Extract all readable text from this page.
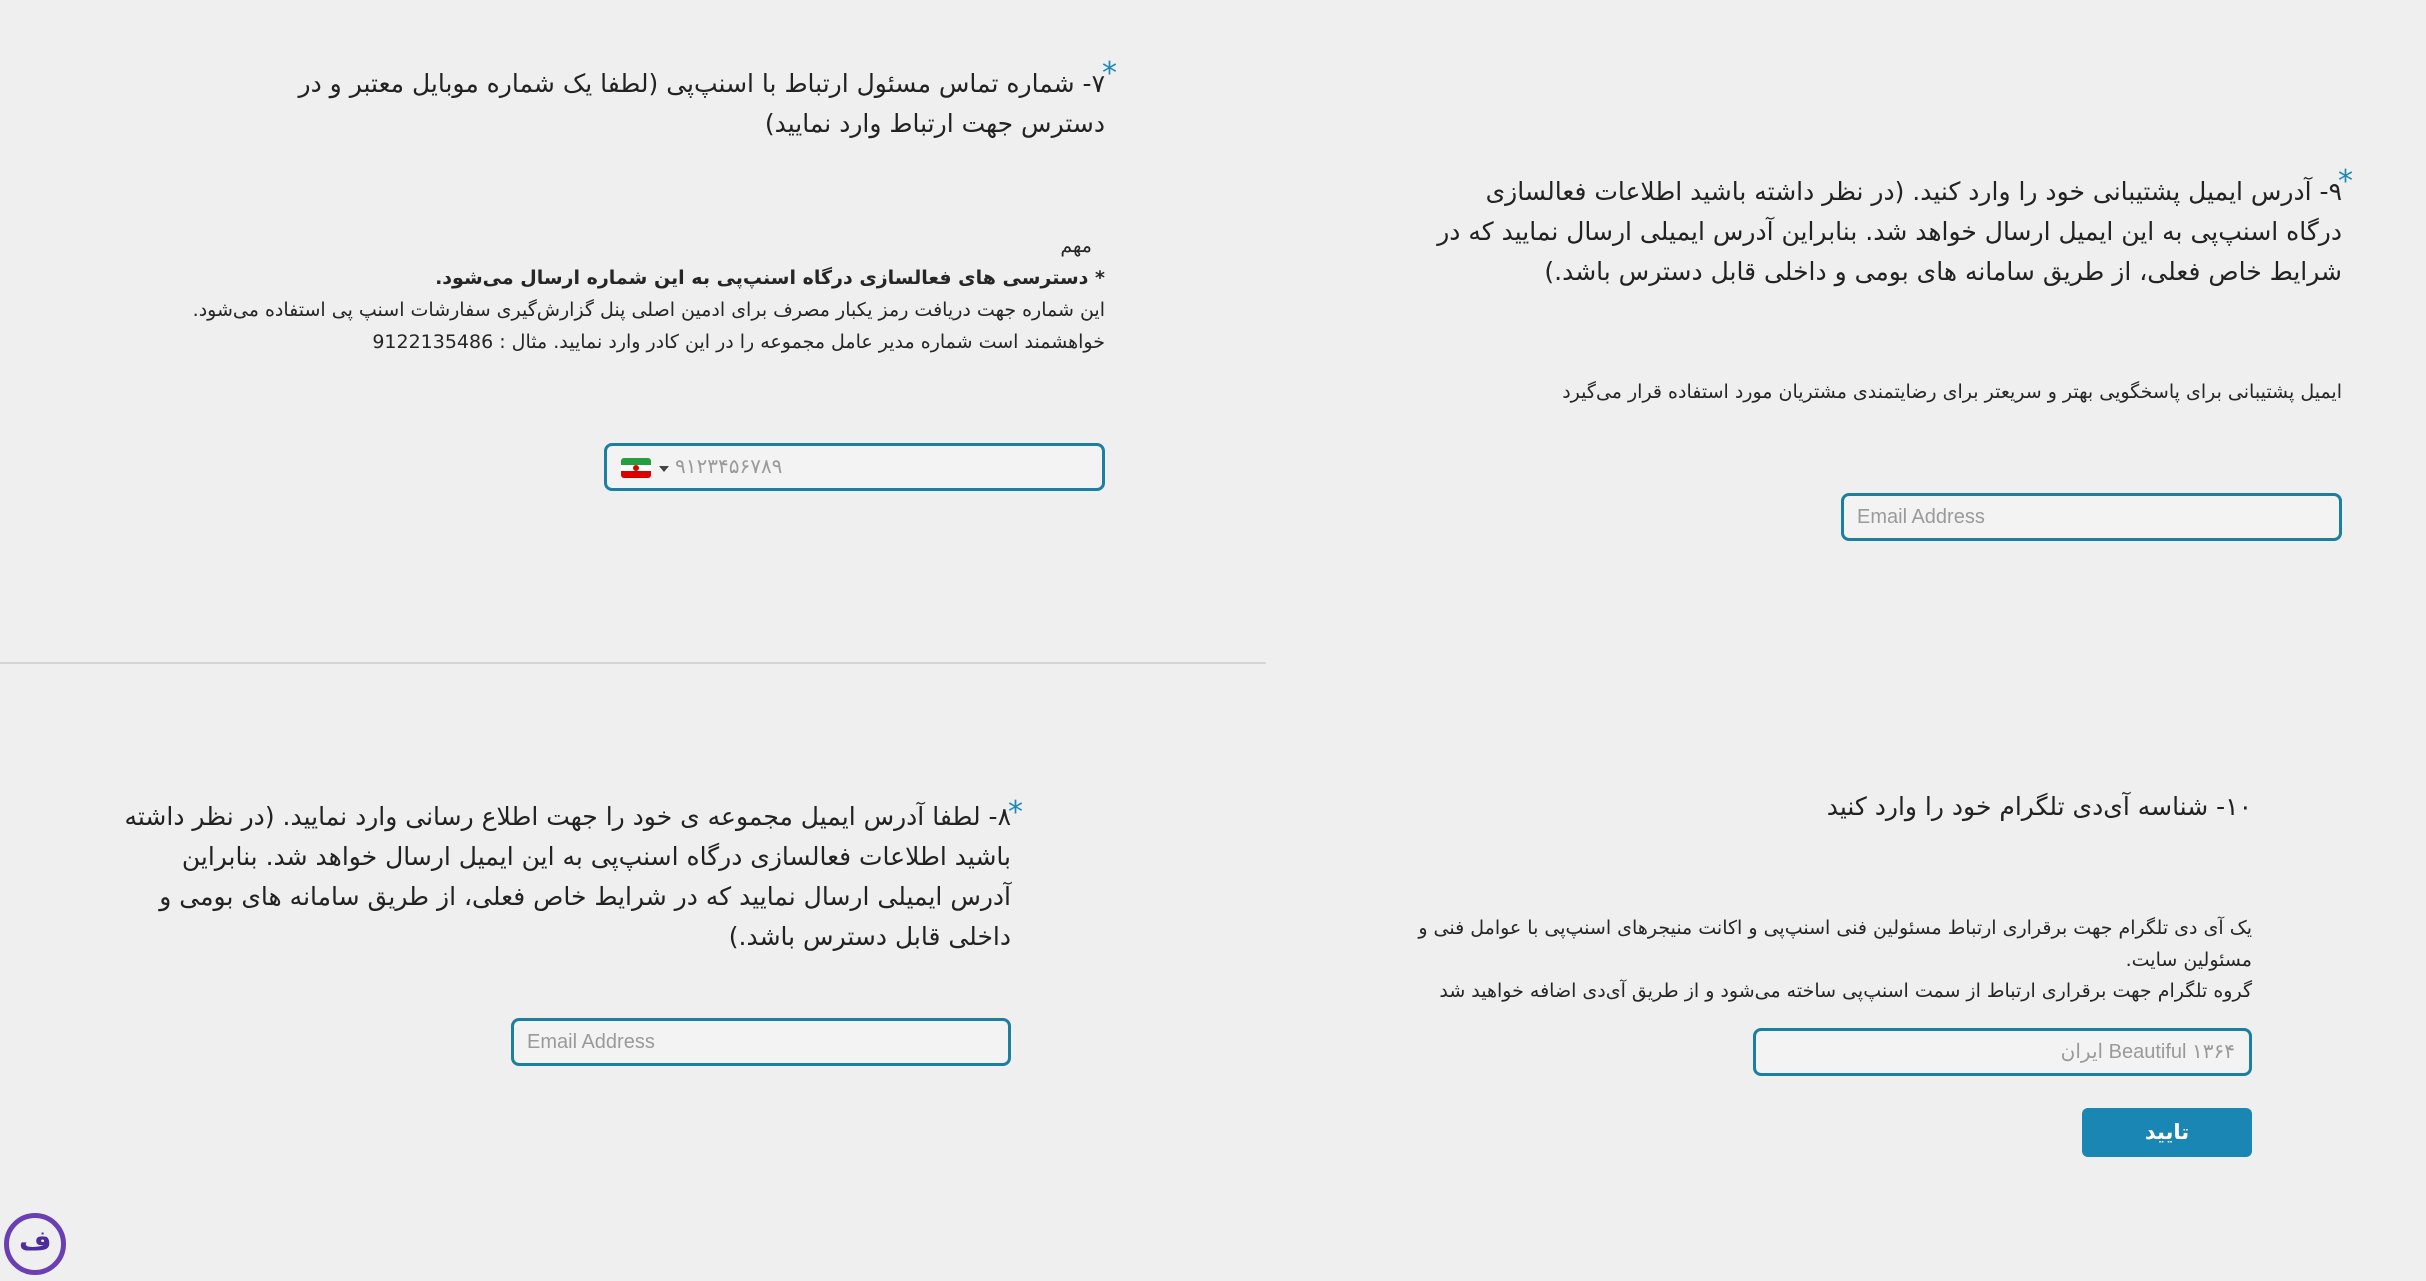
*
۷- شماره تماس مسئول ارتباط با اسنپ‌پی (لطفا یک شماره موبایل معتبر و در دسترس جهت ارتباط وارد نمایید)
مهم
* دسترسی های فعالسازی درگاه اسنپ‌پی به این شماره ارسال می‌شود.
این شماره جهت دریافت رمز یکبار مصرف برای ادمین اصلی پنل گزارش‌گیری سفارشات اسنپ پی استفاده می‌شود.
خواهشمند است شماره مدیر عامل مجموعه را در این کادر وارد نمایید. مثال : 9122135486
۹۱۲۳۴۵۶۷۸۹
*
۹- آدرس ایمیل پشتیبانی خود را وارد کنید. (در نظر داشته باشید اطلاعات فعالسازی درگاه اسنپ‌پی به این ایمیل ارسال خواهد شد. بنابراین آدرس ایمیلی ارسال نمایید که در شرایط خاص فعلی، از طریق سامانه های بومی و داخلی قابل دسترس باشد.)
ایمیل پشتیبانی برای پاسخگویی بهتر و سریعتر برای رضایتمندی مشتریان مورد استفاده قرار می‌گیرد
Email Address
*
۸- لطفا آدرس ایمیل مجموعه ی خود را جهت اطلاع رسانی وارد نمایید. (در نظر داشته باشید اطلاعات فعالسازی درگاه اسنپ‌پی به این ایمیل ارسال خواهد شد. بنابراین آدرس ایمیلی ارسال نمایید که در شرایط خاص فعلی، از طریق سامانه های بومی و داخلی قابل دسترس باشد.)
Email Address
۱۰- شناسه آی‌دی تلگرام خود را وارد کنید
یک آی دی تلگرام جهت برقراری ارتباط مسئولین فنی اسنپ‌پی و اکانت منیجرهای اسنپ‌پی با عوامل فنی و مسئولین سایت.
گروه تلگرام جهت برقراری ارتباط از سمت اسنپ‌پی ساخته می‌شود و از طریق آی‌دی اضافه خواهید شد
Beautiful ۱۳۶۴ ایران
تایید
ف
